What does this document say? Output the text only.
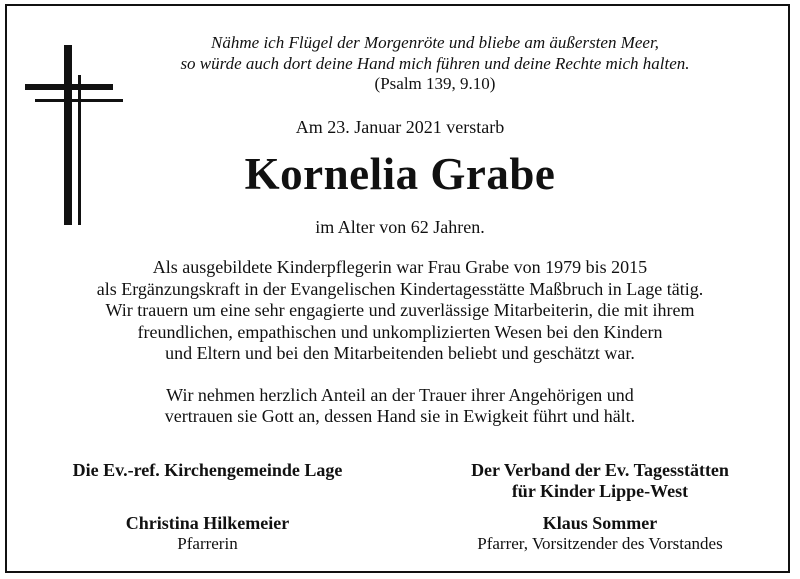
Nähme ich Flügel der Morgenröte und bliebe am äußersten Meer,
so würde auch dort deine Hand mich führen und deine Rechte mich halten.
(Psalm 139, 9.10)
Am 23. Januar 2021 verstarb
Kornelia Grabe
im Alter von 62 Jahren.
Als ausgebildete Kinderpflegerin war Frau Grabe von 1979 bis 2015
als Ergänzungskraft in der Evangelischen Kindertagesstätte Maßbruch in Lage tätig.
Wir trauern um eine sehr engagierte und zuverlässige Mitarbeiterin, die mit ihrem
freundlichen, empathischen und unkomplizierten Wesen bei den Kindern
und Eltern und bei den Mitarbeitenden beliebt und geschätzt war.
Wir nehmen herzlich Anteil an der Trauer ihrer Angehörigen und
vertrauen sie Gott an, dessen Hand sie in Ewigkeit führt und hält.
Die Ev.-ref. Kirchengemeinde Lage
Christina Hilkemeier
Pfarrerin
Der Verband der Ev. Tagesstätten
für Kinder Lippe-West
Klaus Sommer
Pfarrer, Vorsitzender des Vorstandes
